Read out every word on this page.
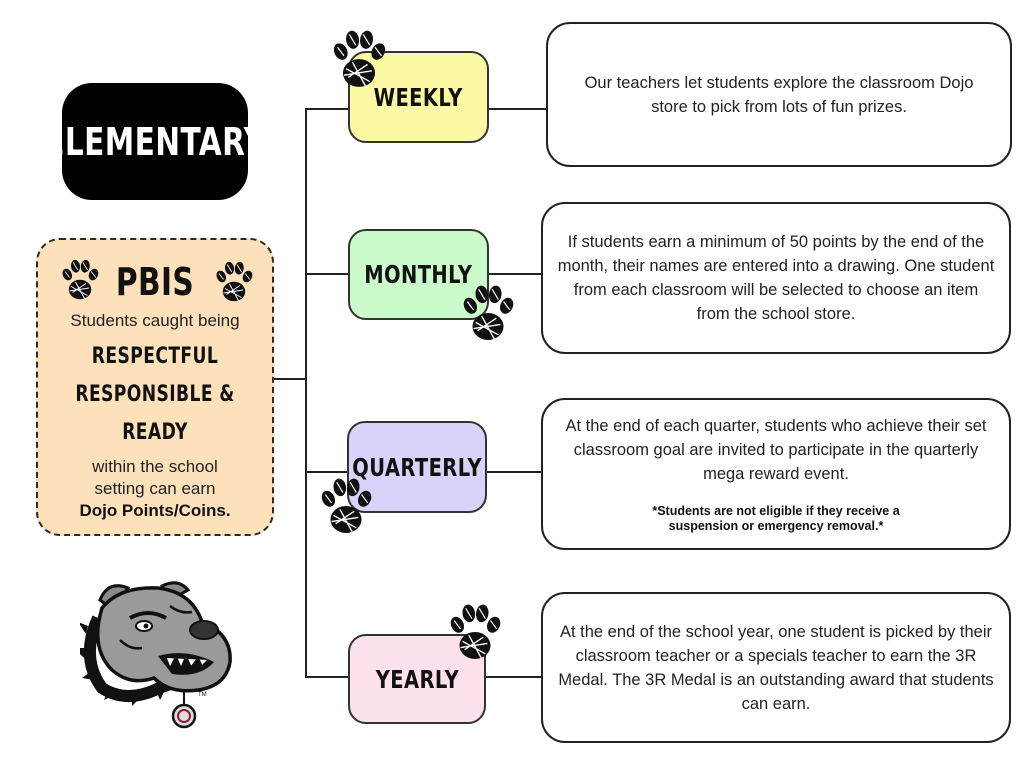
ELEMENTARY
PBIS
Students caught being
RESPECTFUL
RESPONSIBLE &
READY
within the school
setting can earn
Dojo Points/Coins.
WEEKLY
MONTHLY
QUARTERLY
YEARLY
Our teachers let students explore the classroom Dojo store to pick from lots of fun prizes.
If students earn a minimum of 50 points by the end of the month, their names are entered into a drawing. One student from each classroom will be selected to choose an item from the school store.
At the end of each quarter, students who achieve their set classroom goal are invited to participate in the quarterly mega reward event.
*Students are not eligible if they receive a suspension or emergency removal.*
At the end of the school year, one student is picked by their classroom teacher or a specials teacher to earn the 3R Medal. The 3R Medal is an outstanding award that students can earn.
TM
